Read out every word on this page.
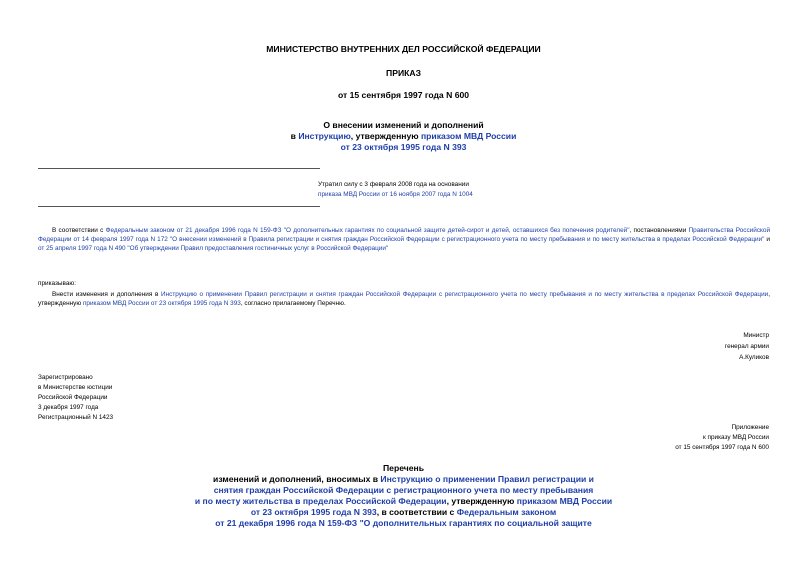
МИНИСТЕРСТВО ВНУТРЕННИХ ДЕЛ РОССИЙСКОЙ ФЕДЕРАЦИИ
ПРИКАЗ
от 15 сентября 1997 года N 600
О внесении изменений и дополнений
в Инструкцию, утвержденную приказом МВД России
от 23 октября 1995 года N 393
Утратил силу с 3 февраля 2008 года на основании
приказа МВД России от 16 ноября 2007 года N 1004
В соответствии с Федеральным законом от 21 декабря 1996 года N 159-ФЗ "О дополнительных гарантиях по социальной защите детей-сирот и детей, оставшихся без попечения родителей", постановлениями Правительства Российской Федерации от 14 февраля 1997 года N 172 "О внесении изменений в Правила регистрации и снятия граждан Российской Федерации с регистрационного учета по месту пребывания и по месту жительства в пределах Российской Федерации" и от 25 апреля 1997 года N 490 "Об утверждении Правил предоставления гостиничных услуг в Российской Федерации"
приказываю:
Внести изменения и дополнения в Инструкцию о применении Правил регистрации и снятия граждан Российской Федерации с регистрационного учета по месту пребывания и по месту жительства в пределах Российской Федерации, утвержденную приказом МВД России от 23 октября 1995 года N 393, согласно прилагаемому Перечню.
Министр
генерал армии
А.Куликов
Зарегистрировано
в Министерстве юстиции
Российской Федерации
3 декабря 1997 года
Регистрационный N 1423
Приложение
к приказу МВД России
от 15 сентября 1997 года N 600
Перечень
изменений и дополнений, вносимых в Инструкцию о применении Правил регистрации и
снятия граждан Российской Федерации с регистрационного учета по месту пребывания
и по месту жительства в пределах Российской Федерации, утвержденную приказом МВД России
от 23 октября 1995 года N 393, в соответствии с Федеральным законом
от 21 декабря 1996 года N 159-ФЗ "О дополнительных гарантиях по социальной защите
